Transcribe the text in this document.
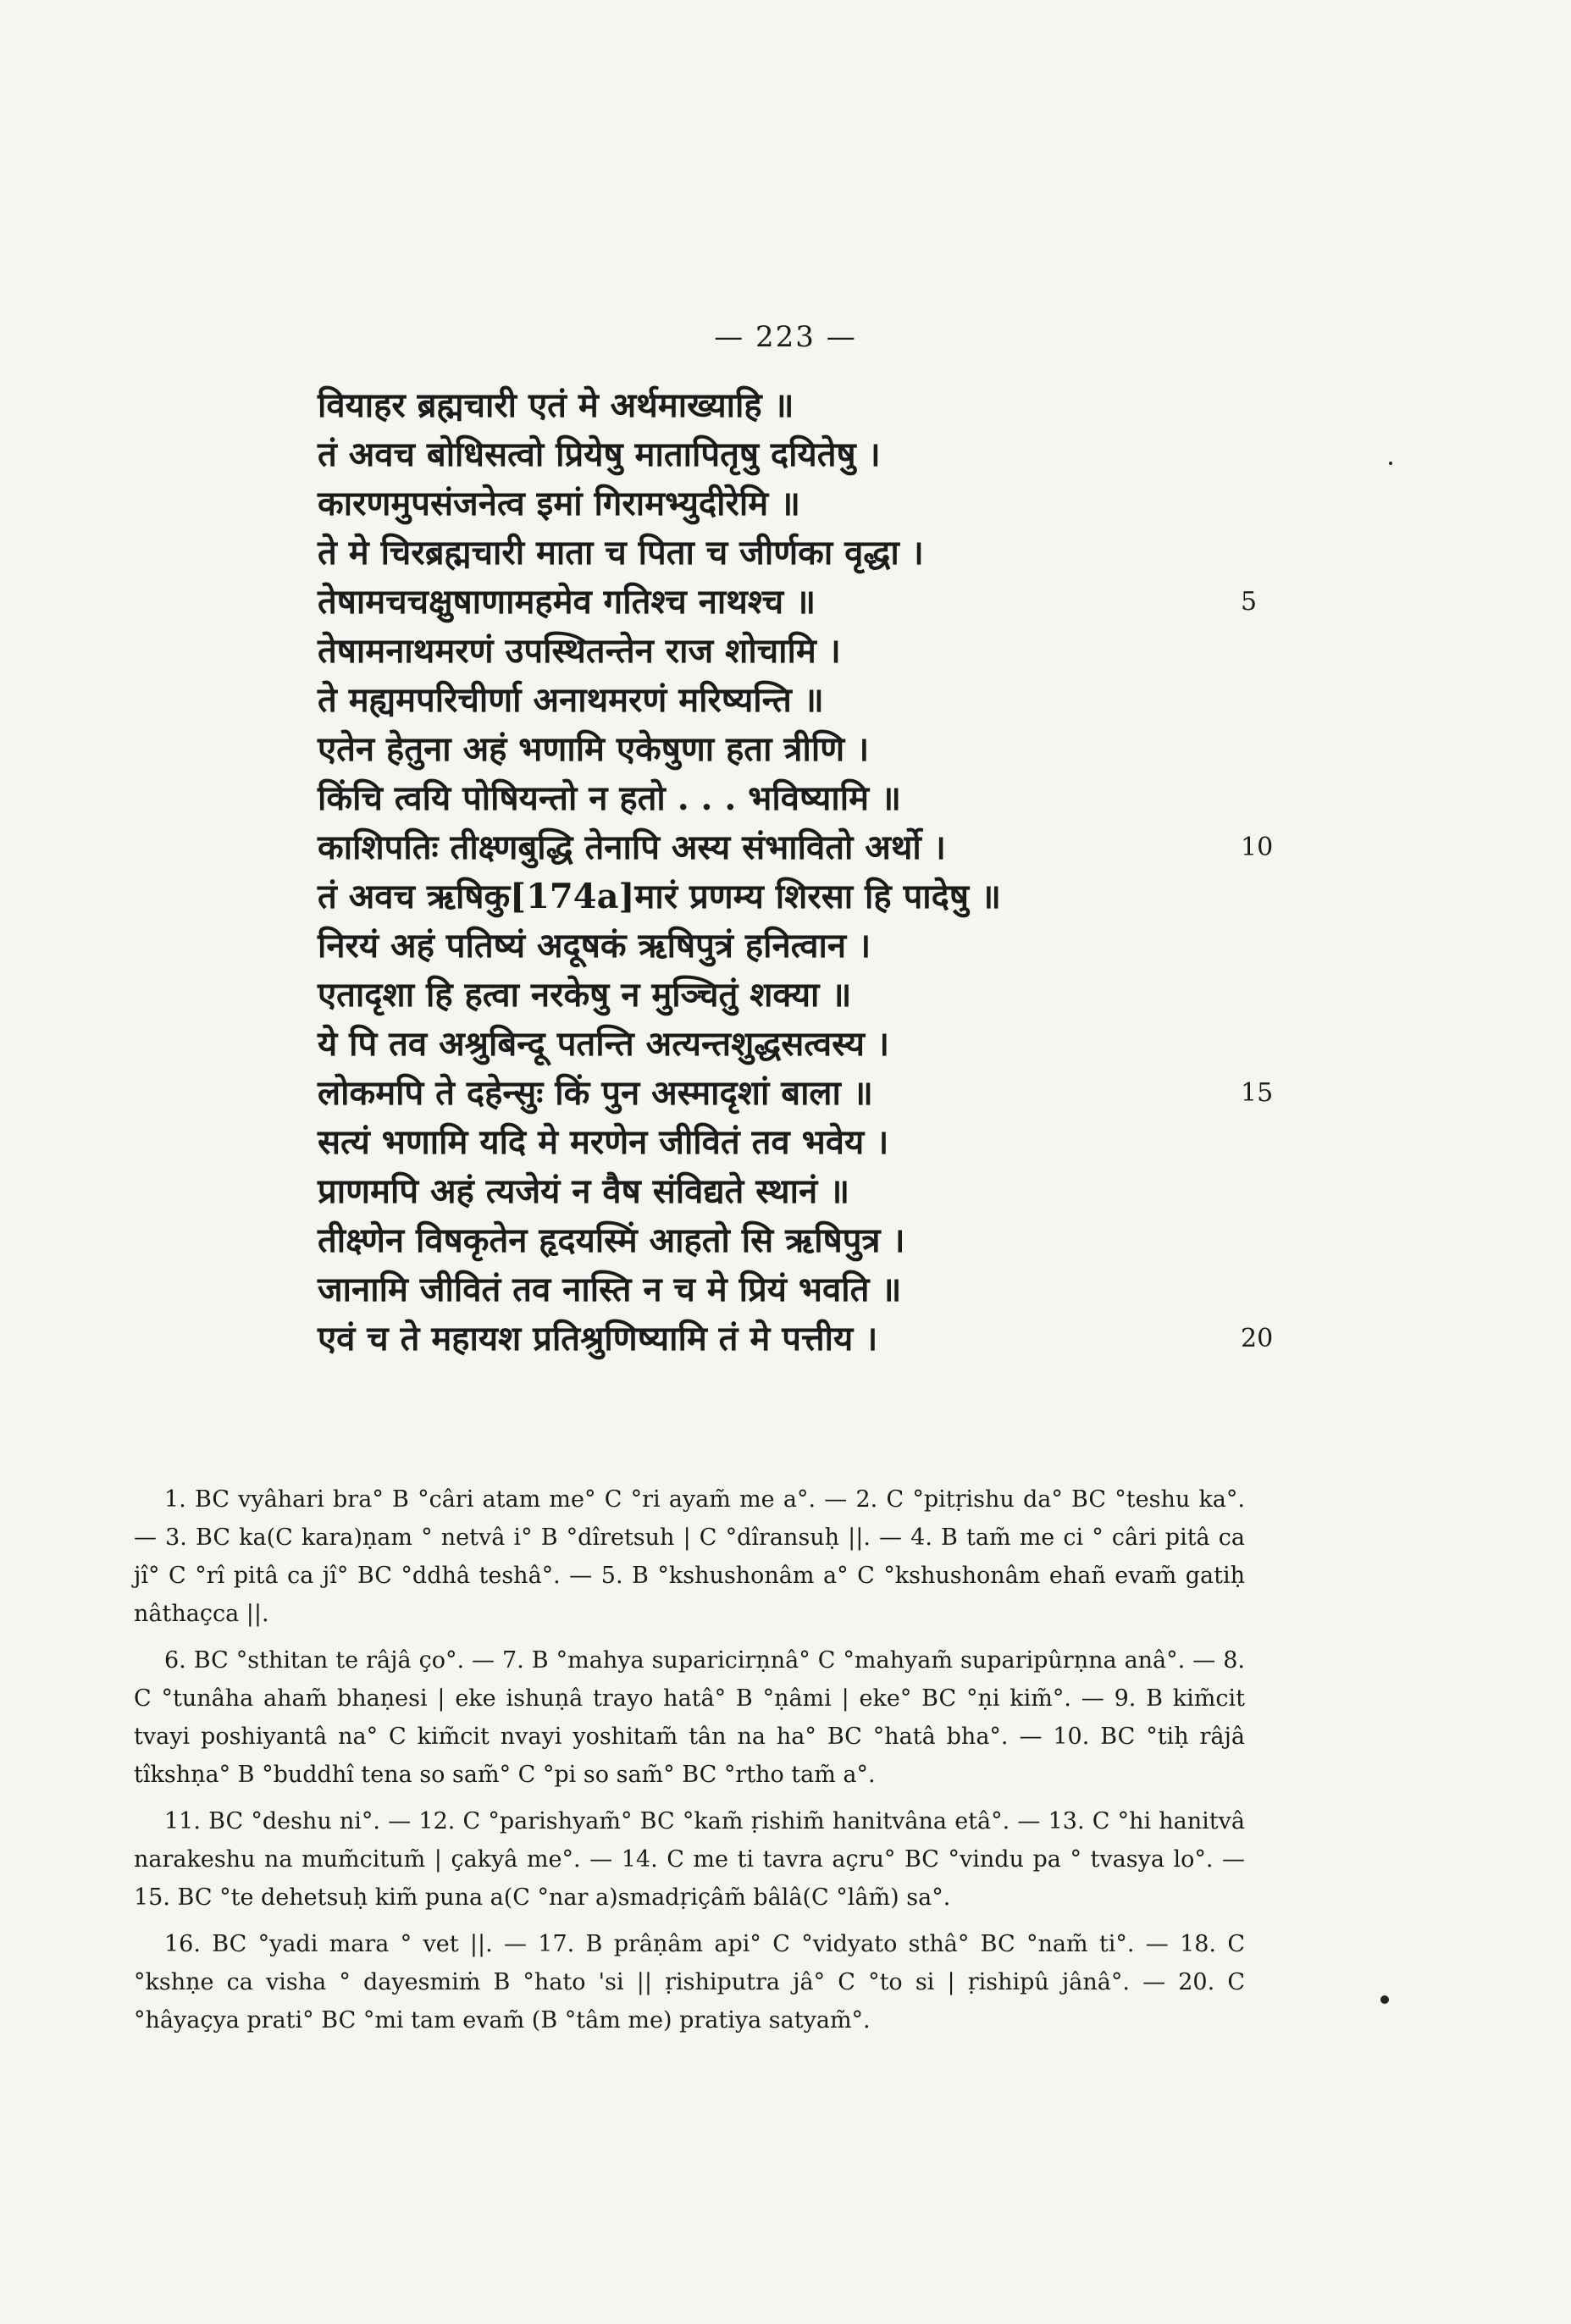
— 223 —
वियाहर ब्रह्मचारी एतं मे अर्थमाख्याहि ॥
तं अवच बोधिसत्वो प्रियेषु मातापितृषु दयितेषु ।
कारणमुपसंजनेत्व इमां गिरामभ्युदीरेमि ॥
ते मे चिरब्रह्मचारी माता च पिता च जीर्णका वृद्धा ।
तेषामचचक्षुषाणामहमेव गतिश्च नाथश्च ॥	5
तेषामनाथमरणं उपस्थितन्तेन राज शोचामि ।
ते मह्यमपरिचीर्णा अनाथमरणं मरिष्यन्ति ॥
एतेन हेतुना अहं भणामि एकेषुणा हता त्रीणि ।
किंचि त्वयि पोषियन्तो न हतो . . . भविष्यामि ॥
काशिपतिः तीक्ष्णबुद्धि तेनापि अस्य संभावितो अर्थो ।	10
तं अवच ऋषिकु[174a]मारं प्रणम्य शिरसा हि पादेषु ॥
निरयं अहं पतिष्यं अदूषकं ऋषिपुत्रं हनित्वान ।
एतादृशा हि हत्वा नरकेषु न मुञ्चितुं शक्या ॥
ये पि तव अश्रुबिन्दू पतन्ति अत्यन्तशुद्धसत्वस्य ।
लोकमपि ते दहेन्सुः किं पुन अस्मादृशां बाला ॥	15
सत्यं भणामि यदि मे मरणेन जीवितं तव भवेय ।
प्राणमपि अहं त्यजेयं न वैष संविद्यते स्थानं ॥
तीक्ष्णेन विषकृतेन हृदयस्मिं आहतो सि ऋषिपुत्र ।
जानामि जीवितं तव नास्ति न च मे प्रियं भवति ॥
एवं च ते महायश प्रतिश्रुणिष्यामि तं मे पत्तीय ।	20

1. BC vyâhari bra° B °câri atam me° C °ri ayam̃ me a°. — 2. C °pitṛishu da° BC °teshu ka°. — 3. BC ka(C kara)ṇam ° netvâ i° B °dîretsuh | C °dîransuḥ ||. — 4. B tam̃ me ci ° câri pitâ ca jî° C °rî pitâ ca jî° BC °ddhâ teshâ°. — 5. B °kshushonâm a° C °kshushonâm ehañ evam̃ gatiḥ nâthaçca ||.

6. BC °sthitan te râjâ ço°. — 7. B °mahya suparicirṇnâ° C °mahyam̃ suparipûrṇna anâ°. — 8. C °tunâha aham̃ bhaṇesi | eke ishuṇâ trayo hatâ° B °ṇâmi | eke° BC °ṇi kim̃°. — 9. B kim̃cit tvayi poshiyantâ na° C kim̃cit nvayi yoshitam̃ tân na ha° BC °hatâ bha°. — 10. BC °tiḥ râjâ tîkshṇa° B °buddhî tena so sam̃° C °pi so sam̃° BC °rtho tam̃ a°.

11. BC °deshu ni°. — 12. C °parishyam̃° BC °kam̃ ṛishim̃ hanitvâna etâ°. — 13. C °hi hanitvâ narakeshu na mum̃citum̃ | çakyâ me°. — 14. C me ti tavra açru° BC °vindu pa ° tvasya lo°. — 15. BC °te dehetsuḥ kim̃ puna a(C °nar a)smadṛiçâm̃ bâlâ(C °lâm̃) sa°.

16. BC °yadi mara ° vet ||. — 17. B prâṇâm api° C °vidyato sthâ° BC °nam̃ ti°. — 18. C °kshṇe ca visha ° dayesmiṁ B °hato 'si || ṛishiputra jâ° C °to si | ṛishipû jânâ°. — 20. C °hâyaçya prati° BC °mi tam evam̃ (B °tâm me) pratiya satyam̃°.
